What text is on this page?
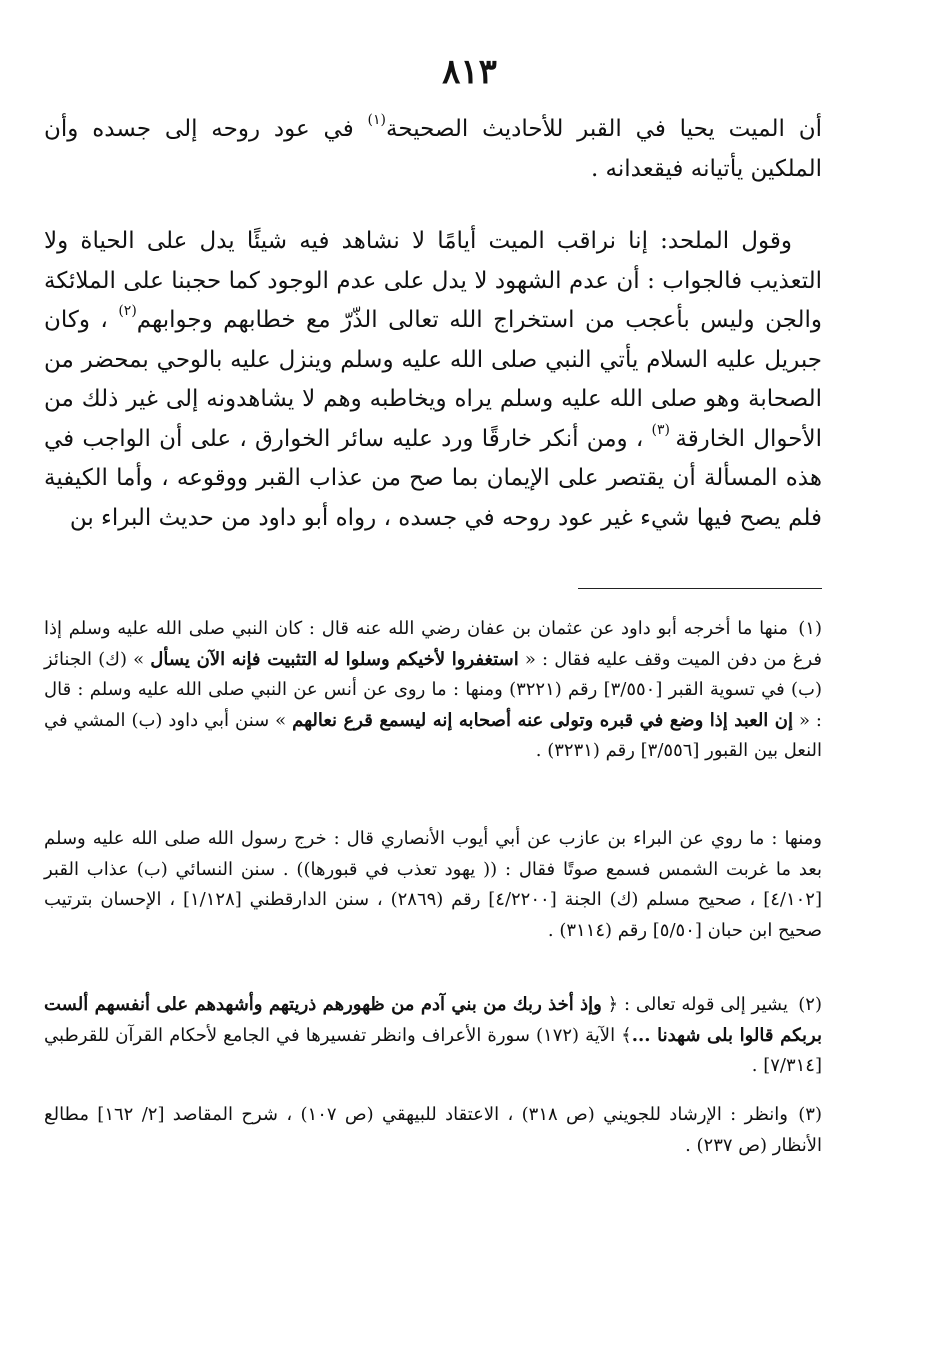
٨١٣

أن الميت يحيا في القبر للأحاديث الصحيحة$^{(١)}$ في عود روحه إلى جسده وأن الملكين يأتيانه فيقعدانه .

وقول الملحد: إنا نراقب الميت أيامًا لا نشاهد فيه شيئًا يدل على الحياة ولا التعذيب فالجواب : أن عدم الشهود لا يدل على عدم الوجود كما حجبنا على الملائكة والجن وليس بأعجب من استخراج الله تعالى الذّرّ مع خطابهم وجوابهم$^{(٢)}$ ، وكان جبريل عليه السلام يأتي النبي صلى الله عليه وسلم وينزل عليه بالوحي بمحضر من الصحابة وهو صلى الله عليه وسلم يراه ويخاطبه وهم لا يشاهدونه إلى غير ذلك من الأحوال الخارقة $^{(٣)}$ ، ومن أنكر خارقًا ورد عليه سائر الخوارق ، على أن الواجب في هذه المسألة أن يقتصر على الإيمان بما صح من عذاب القبر ووقوعه ، وأما الكيفية فلم يصح فيها شيء غير عود روحه في جسده ، رواه أبو داود من حديث البراء بن

(١)منها ما أخرجه أبو داود عن عثمان بن عفان رضي الله عنه قال : كان النبي صلى الله عليه وسلم إذا فرغ من دفن الميت وقف عليه فقال : « استغفروا لأخيكم وسلوا له التثبيت فإنه الآن يسأل » (ك) الجنائز (ب) في تسوية القبر [٣/٥٥٠] رقم (٣٢٢١) ومنها : ما روى عن أنس عن النبي صلى الله عليه وسلم : قال : « إن العبد إذا وضع في قبره وتولى عنه أصحابه إنه ليسمع قرع نعالهم » سنن أبي داود (ب) المشي في النعل بين القبور [٣/٥٥٦] رقم (٣٢٣١) .

ومنها : ما روي عن البراء بن عازب عن أبي أيوب الأنصاري قال : خرج رسول الله صلى الله عليه وسلم بعد ما غربت الشمس فسمع صوتًا فقال : (( يهود تعذب في قبورها)) . سنن النسائي (ب) عذاب القبر [٤/١٠٢] ، صحيح مسلم (ك) الجنة [٤/٢٢٠٠] رقم (٢٨٦٩) ، سنن الدارقطني [١/١٢٨] ، الإحسان بترتيب صحيح ابن حبان [٥/٥٠] رقم (٣١١٤) .

(٢)يشير إلى قوله تعالى : ﴿ وإذ أخذ ربك من بني آدم من ظهورهم ذريتهم وأشهدهم على أنفسهم ألست بربكم قالوا بلى شهدنا ...﴾ الآية (١٧٢) سورة الأعراف وانظر تفسيرها في الجامع لأحكام القرآن للقرطبي [٧/٣١٤] .

(٣)وانظر : الإرشاد للجويني (ص ٣١٨) ، الاعتقاد للبيهقي (ص ١٠٧) ، شرح المقاصد [٢/ ١٦٢] مطالع الأنظار (ص ٢٣٧) .
